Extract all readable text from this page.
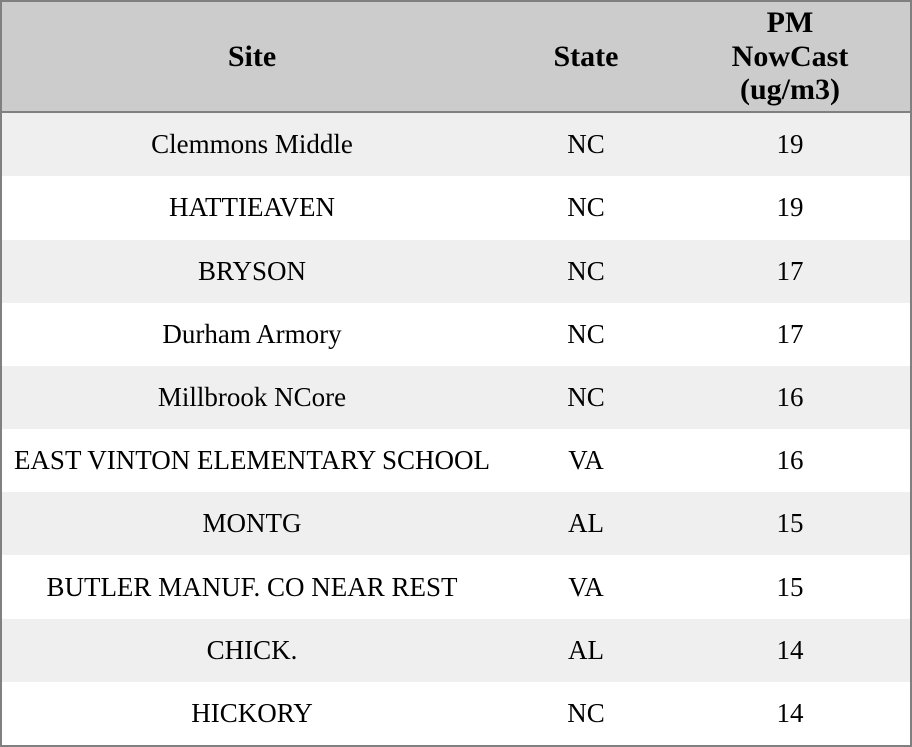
Site	State	PM
NowCast
(ug/m3)

Clemmons Middle	NC	19
HATTIEAVEN	NC	19
BRYSON	NC	17
Durham Armory	NC	17
Millbrook NCore	NC	16
EAST VINTON ELEMENTARY SCHOOL	VA	16
MONTG	AL	15
BUTLER MANUF. CO NEAR REST	VA	15
CHICK.	AL	14
HICKORY	NC	14
